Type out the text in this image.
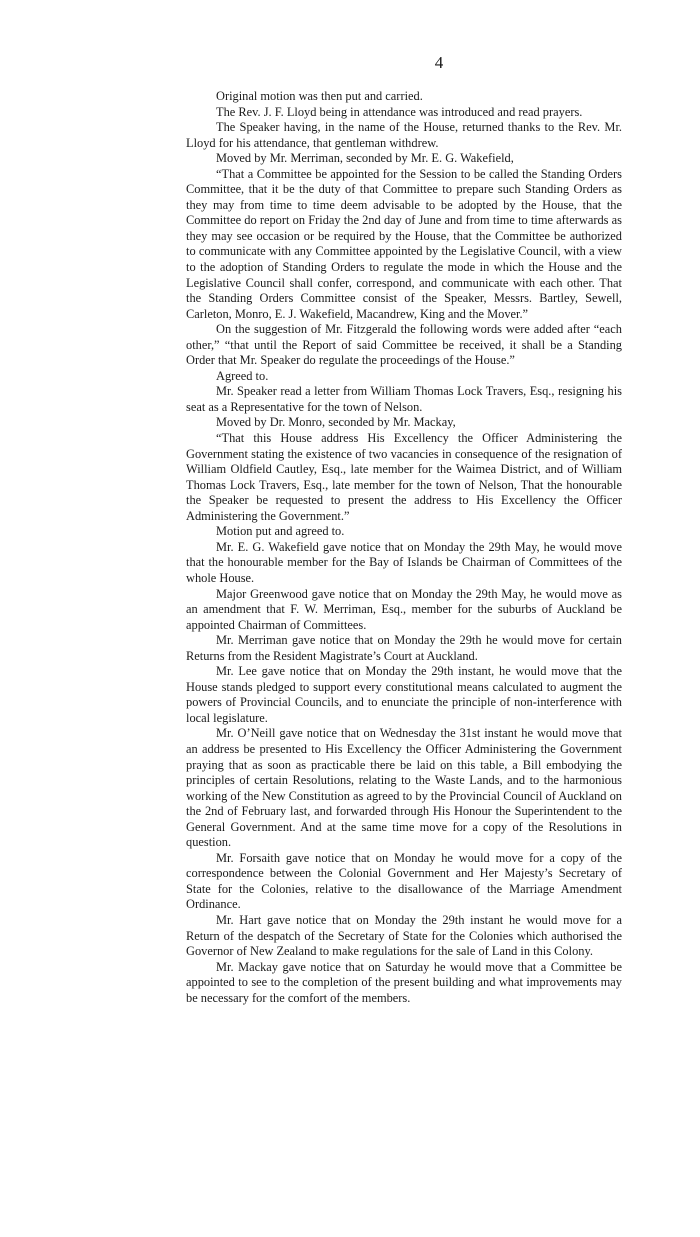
4

Original motion was then put and carried.

The Rev. J. F. Lloyd being in attendance was introduced and read prayers.

The Speaker having, in the name of the House, returned thanks to the Rev. Mr. Lloyd for his attendance, that gentleman withdrew.

Moved by Mr. Merriman, seconded by Mr. E. G. Wakefield,

“That a Committee be appointed for the Session to be called the Standing Orders Committee, that it be the duty of that Committee to prepare such Standing Orders as they may from time to time deem advisable to be adopted by the House, that the Committee do report on Friday the 2nd day of June and from time to time afterwards as they may see occasion or be required by the House, that the Committee be authorized to communicate with any Committee appointed by the Legislative Council, with a view to the adoption of Standing Orders to regulate the mode in which the House and the Legislative Council shall confer, correspond, and communicate with each other. That the Standing Orders Committee consist of the Speaker, Messrs. Bartley, Sewell, Carleton, Monro, E. J. Wakefield, Macandrew, King and the Mover.”

On the suggestion of Mr. Fitzgerald the following words were added after “each other,” “that until the Report of said Committee be received, it shall be a Standing Order that Mr. Speaker do regulate the proceedings of the House.”

Agreed to.

Mr. Speaker read a letter from William Thomas Lock Travers, Esq., resigning his seat as a Representative for the town of Nelson.

Moved by Dr. Monro, seconded by Mr. Mackay,

“That this House address His Excellency the Officer Administering the Government stating the existence of two vacancies in consequence of the resignation of William Oldfield Cautley, Esq., late member for the Waimea District, and of William Thomas Lock Travers, Esq., late member for the town of Nelson, That the honourable the Speaker be requested to present the address to His Excellency the Officer Administering the Government.”

Motion put and agreed to.

Mr. E. G. Wakefield gave notice that on Monday the 29th May, he would move that the honourable member for the Bay of Islands be Chairman of Committees of the whole House.

Major Greenwood gave notice that on Monday the 29th May, he would move as an amendment that F. W. Merriman, Esq., member for the suburbs of Auckland be appointed Chairman of Committees.

Mr. Merriman gave notice that on Monday the 29th he would move for certain Returns from the Resident Magistrate’s Court at Auckland.

Mr. Lee gave notice that on Monday the 29th instant, he would move that the House stands pledged to support every constitutional means calculated to augment the powers of Provincial Councils, and to enunciate the principle of non-interference with local legislature.

Mr. O’Neill gave notice that on Wednesday the 31st instant he would move that an address be presented to His Excellency the Officer Administering the Government praying that as soon as practicable there be laid on this table, a Bill embodying the principles of certain Resolutions, relating to the Waste Lands, and to the harmonious working of the New Constitution as agreed to by the Provincial Council of Auckland on the 2nd of February last, and forwarded through His Honour the Superintendent to the General Government. And at the same time move for a copy of the Resolutions in question.

Mr. Forsaith gave notice that on Monday he would move for a copy of the correspondence between the Colonial Government and Her Majesty’s Secretary of State for the Colonies, relative to the disallowance of the Marriage Amendment Ordinance.

Mr. Hart gave notice that on Monday the 29th instant he would move for a Return of the despatch of the Secretary of State for the Colonies which authorised the Governor of New Zealand to make regulations for the sale of Land in this Colony.

Mr. Mackay gave notice that on Saturday he would move that a Committee be appointed to see to the completion of the present building and what improvements may be necessary for the comfort of the members.
